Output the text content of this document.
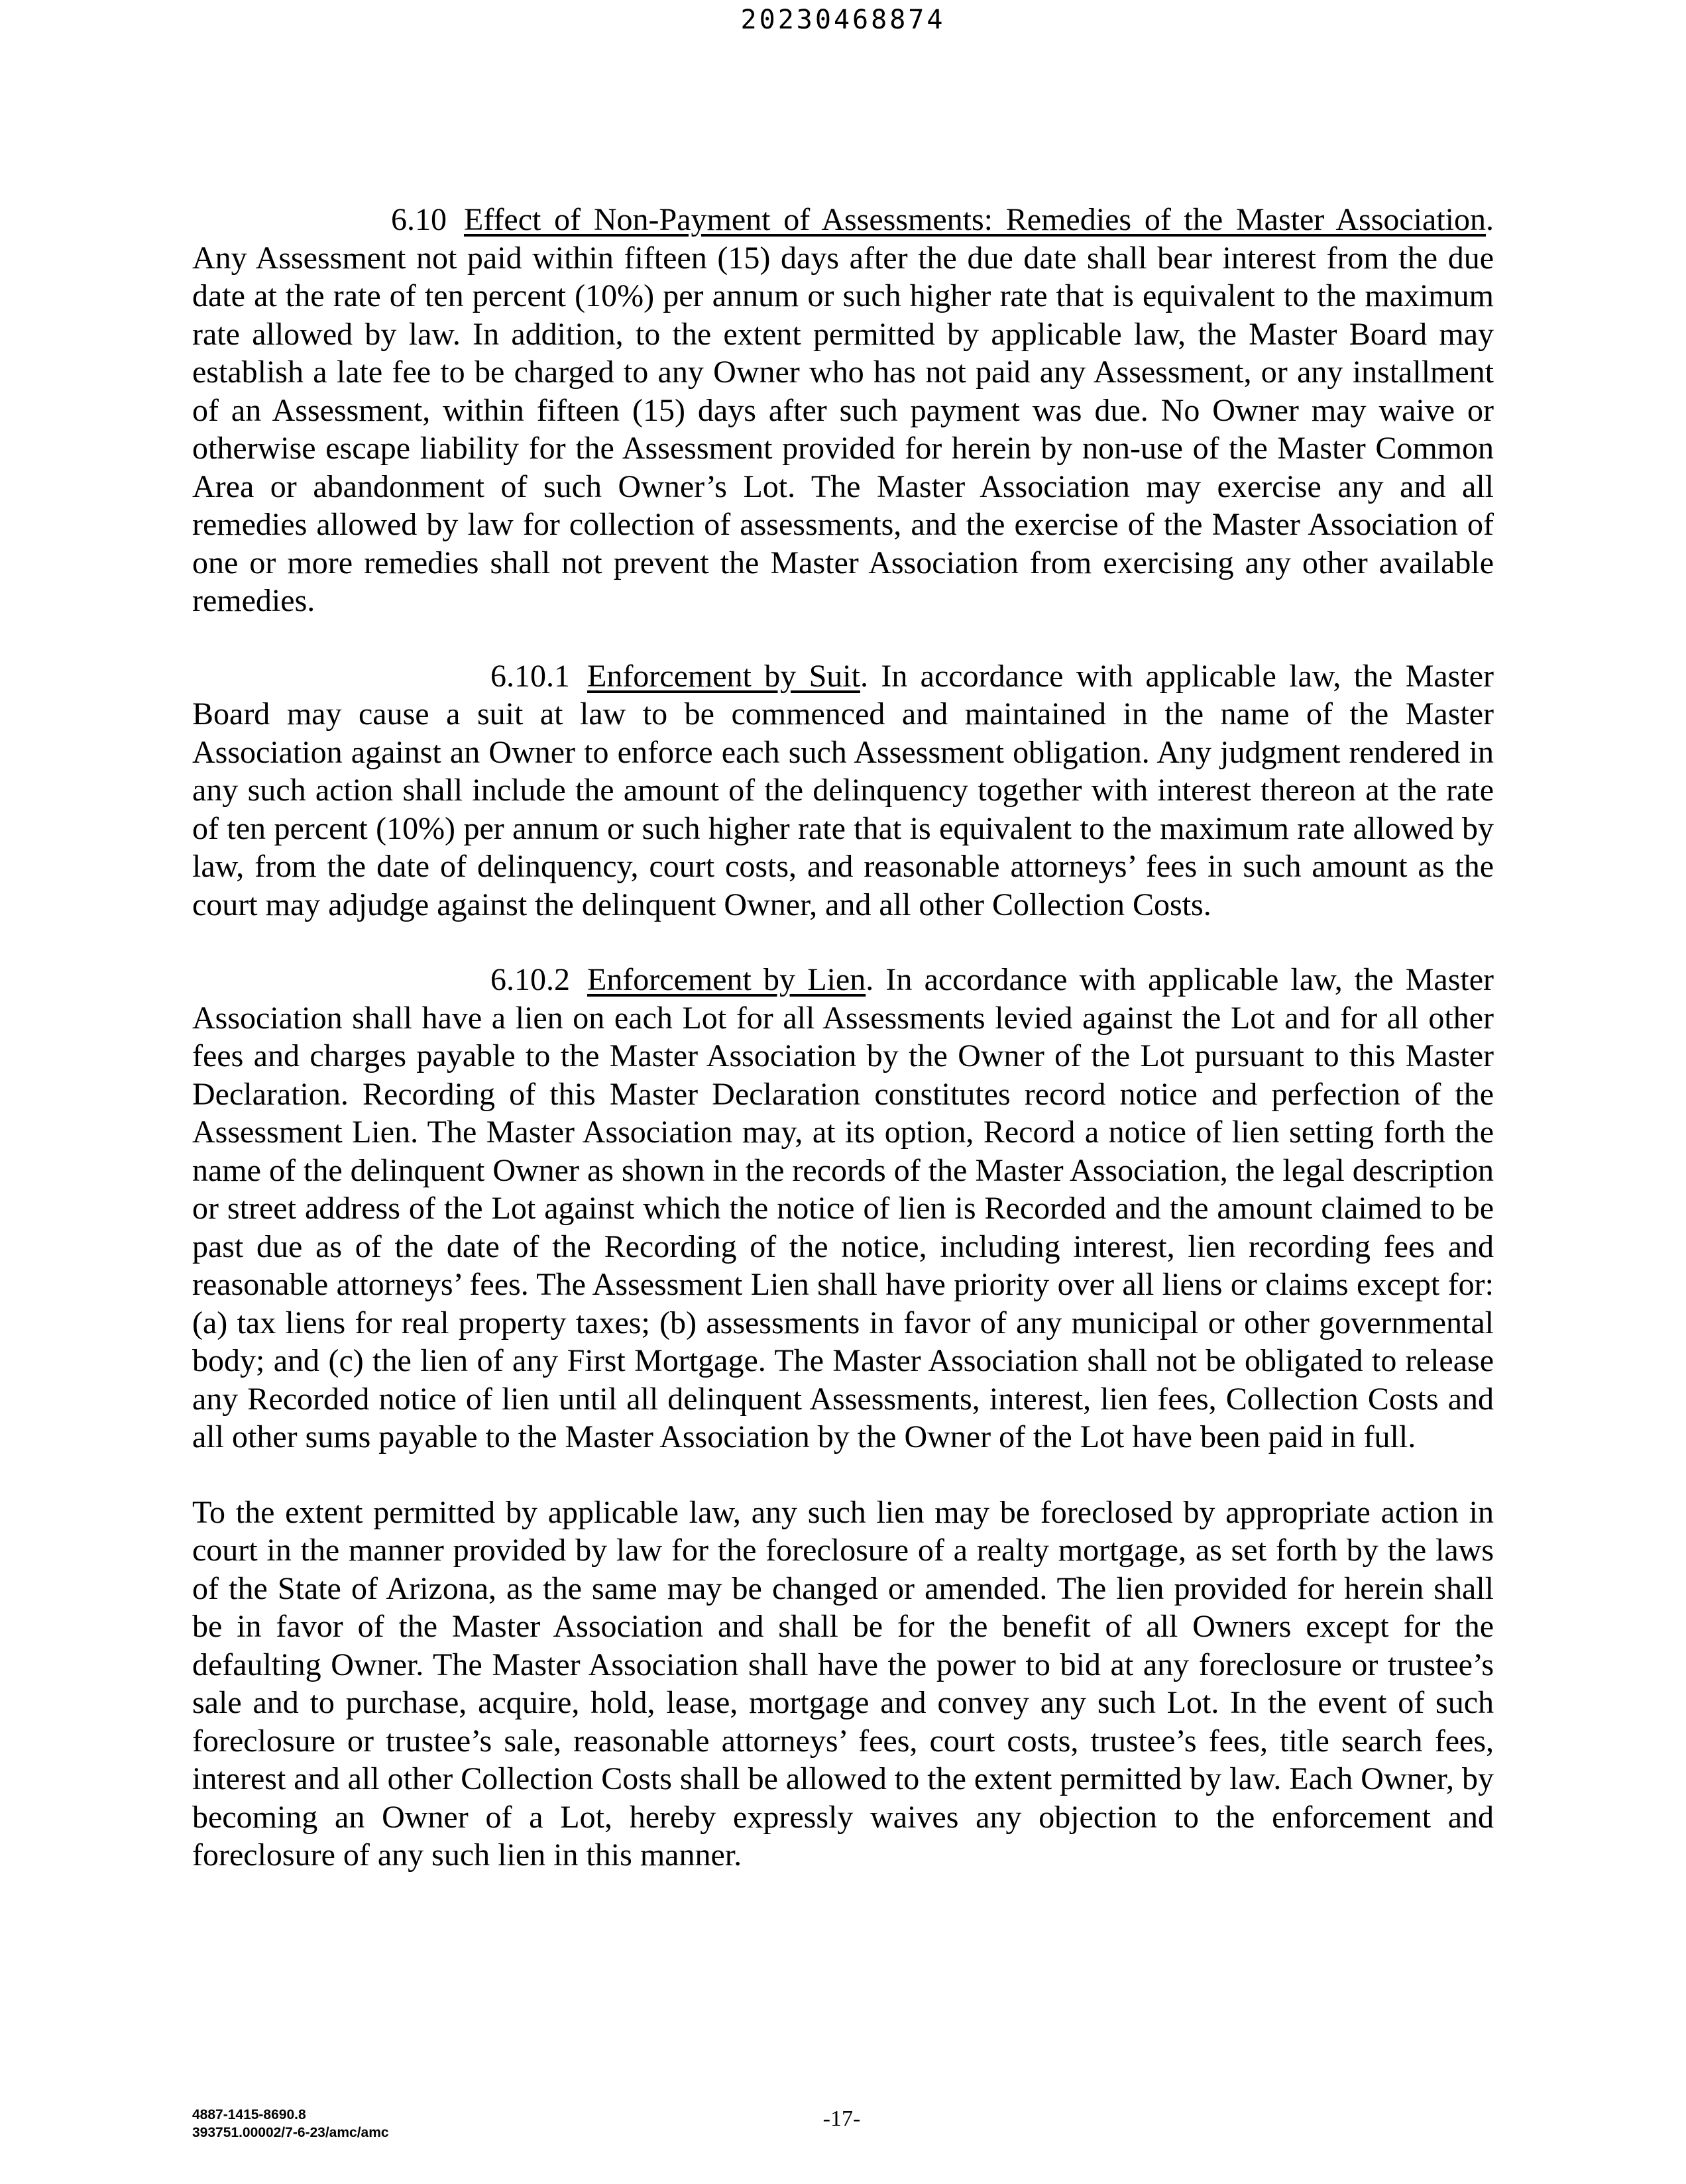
20230468874

6.10 Effect of Non-Payment of Assessments: Remedies of the Master Association. Any Assessment not paid within fifteen (15) days after the due date shall bear interest from the due date at the rate of ten percent (10%) per annum or such higher rate that is equivalent to the maximum rate allowed by law. In addition, to the extent permitted by applicable law, the Master Board may establish a late fee to be charged to any Owner who has not paid any Assessment, or any installment of an Assessment, within fifteen (15) days after such payment was due. No Owner may waive or otherwise escape liability for the Assessment provided for herein by non-use of the Master Common Area or abandonment of such Owner’s Lot. The Master Association may exercise any and all remedies allowed by law for collection of assessments, and the exercise of the Master Association of one or more remedies shall not prevent the Master Association from exercising any other available remedies.

6.10.1 Enforcement by Suit. In accordance with applicable law, the Master Board may cause a suit at law to be commenced and maintained in the name of the Master Association against an Owner to enforce each such Assessment obligation. Any judgment rendered in any such action shall include the amount of the delinquency together with interest thereon at the rate of ten percent (10%) per annum or such higher rate that is equivalent to the maximum rate allowed by law, from the date of delinquency, court costs, and reasonable attorneys’ fees in such amount as the court may adjudge against the delinquent Owner, and all other Collection Costs.

6.10.2 Enforcement by Lien. In accordance with applicable law, the Master Association shall have a lien on each Lot for all Assessments levied against the Lot and for all other fees and charges payable to the Master Association by the Owner of the Lot pursuant to this Master Declaration. Recording of this Master Declaration constitutes record notice and perfection of the Assessment Lien. The Master Association may, at its option, Record a notice of lien setting forth the name of the delinquent Owner as shown in the records of the Master Association, the legal description or street address of the Lot against which the notice of lien is Recorded and the amount claimed to be past due as of the date of the Recording of the notice, including interest, lien recording fees and reasonable attorneys’ fees. The Assessment Lien shall have priority over all liens or claims except for: (a) tax liens for real property taxes; (b) assessments in favor of any municipal or other governmental body; and (c) the lien of any First Mortgage. The Master Association shall not be obligated to release any Recorded notice of lien until all delinquent Assessments, interest, lien fees, Collection Costs and all other sums payable to the Master Association by the Owner of the Lot have been paid in full.

To the extent permitted by applicable law, any such lien may be foreclosed by appropriate action in court in the manner provided by law for the foreclosure of a realty mortgage, as set forth by the laws of the State of Arizona, as the same may be changed or amended. The lien provided for herein shall be in favor of the Master Association and shall be for the benefit of all Owners except for the defaulting Owner. The Master Association shall have the power to bid at any foreclosure or trustee’s sale and to purchase, acquire, hold, lease, mortgage and convey any such Lot. In the event of such foreclosure or trustee’s sale, reasonable attorneys’ fees, court costs, trustee’s fees, title search fees, interest and all other Collection Costs shall be allowed to the extent permitted by law. Each Owner, by becoming an Owner of a Lot, hereby expressly waives any objection to the enforcement and foreclosure of any such lien in this manner.

4887-1415-8690.8
393751.00002/7-6-23/amc/amc
-17-
